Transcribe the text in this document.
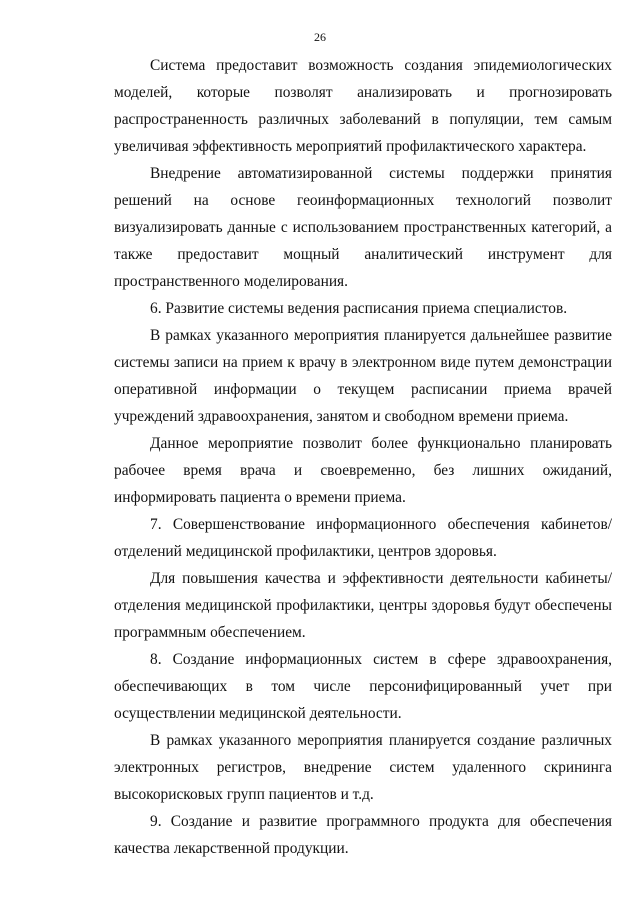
26

Система предоставит возможность создания эпидемиологических моделей, которые позволят анализировать и прогнозировать распространенность различных заболеваний в популяции, тем самым увеличивая эффективность мероприятий профилактического характера.

Внедрение автоматизированной системы поддержки принятия решений на основе геоинформационных технологий позволит визуализировать данные с использованием пространственных категорий, а также предоставит мощный аналитический инструмент для пространственного моделирования.

6. Развитие системы ведения расписания приема специалистов.

В рамках указанного мероприятия планируется дальнейшее развитие системы записи на прием к врачу в электронном виде путем демонстрации оперативной информации о текущем расписании приема врачей учреждений здравоохранения, занятом и свободном времени приема.

Данное мероприятие позволит более функционально планировать рабочее время врача и своевременно, без лишних ожиданий, информировать пациента о времени приема.

7. Совершенствование информационного обеспечения кабинетов/отделений медицинской профилактики, центров здоровья.

Для повышения качества и эффективности деятельности кабинеты/отделения медицинской профилактики, центры здоровья будут обеспечены программным обеспечением.

8. Создание информационных систем в сфере здравоохранения, обеспечивающих в том числе персонифицированный учет при осуществлении медицинской деятельности.

В рамках указанного мероприятия планируется создание различных электронных регистров, внедрение систем удаленного скрининга высокорисковых групп пациентов и т.д.

9. Создание и развитие программного продукта для обеспечения качества лекарственной продукции.
